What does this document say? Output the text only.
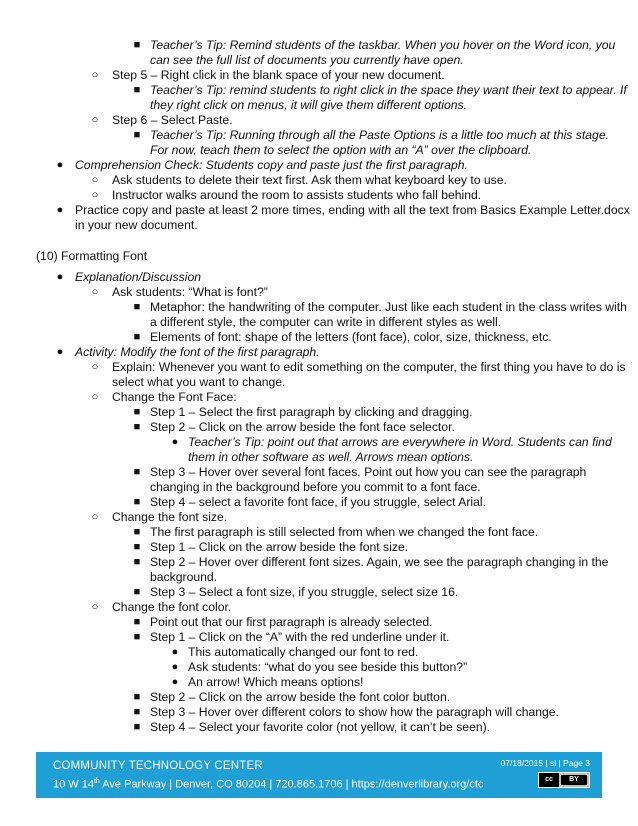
■ Teacher’s Tip: Remind students of the taskbar. When you hover on the Word icon, you
can see the full list of documents you currently have open.
○	Step 5 – Right click in the blank space of your new document.
■ Teacher’s Tip: remind students to right click in the space they want their text to appear. If
they right click on menus, it will give them different options.
○	Step 6 – Select Paste.
■ Teacher’s Tip: Running through all the Paste Options is a little too much at this stage.
For now, teach them to select the option with an “A” over the clipboard.
● Comprehension Check: Students copy and paste just the first paragraph.
○	Ask students to delete their text first. Ask them what keyboard key to use.
○	Instructor walks around the room to assists students who fall behind.
● Practice copy and paste at least 2 more times, ending with all the text from Basics Example Letter.docx
in your new document.
(10) Formatting Font
● Explanation/Discussion
○	Ask students: “What is font?”
■ Metaphor: the handwriting of the computer. Just like each student in the class writes with
a different style, the computer can write in different styles as well.
■ Elements of font: shape of the letters (font face), color, size, thickness, etc.
● Activity: Modify the font of the first paragraph.
○	Explain: Whenever you want to edit something on the computer, the first thing you have to do is
select what you want to change.
○	Change the Font Face:
■ Step 1 – Select the first paragraph by clicking and dragging.
■ Step 2 – Click on the arrow beside the font face selector.
● Teacher’s Tip: point out that arrows are everywhere in Word. Students can find
them in other software as well. Arrows mean options.
■ Step 3 – Hover over several font faces. Point out how you can see the paragraph
changing in the background before you commit to a font face.
■ Step 4 – select a favorite font face, if you struggle, select Arial.
○	Change the font size.
■ The first paragraph is still selected from when we changed the font face.
■ Step 1 – Click on the arrow beside the font size.
■ Step 2 – Hover over different font sizes. Again, we see the paragraph changing in the
background.
■ Step 3 – Select a font size, if you struggle, select size 16.
○	Change the font color.
■ Point out that our first paragraph is already selected.
■ Step 1 – Click on the “A” with the red underline under it.
● This automatically changed our font to red.
● Ask students: “what do you see beside this button?”
● An arrow! Which means options!
■ Step 2 – Click on the arrow beside the font color button.
■ Step 3 – Hover over different colors to show how the paragraph will change.
■ Step 4 – Select your favorite color (not yellow, it can’t be seen).
COMMUNITY TECHNOLOGY CENTER
10 W 14th Ave Parkway | Denver, CO 80204 | 720.865.1706 | https://denverlibrary.org/ctc
07/18/2015 | sl | Page 3
cc	BY
